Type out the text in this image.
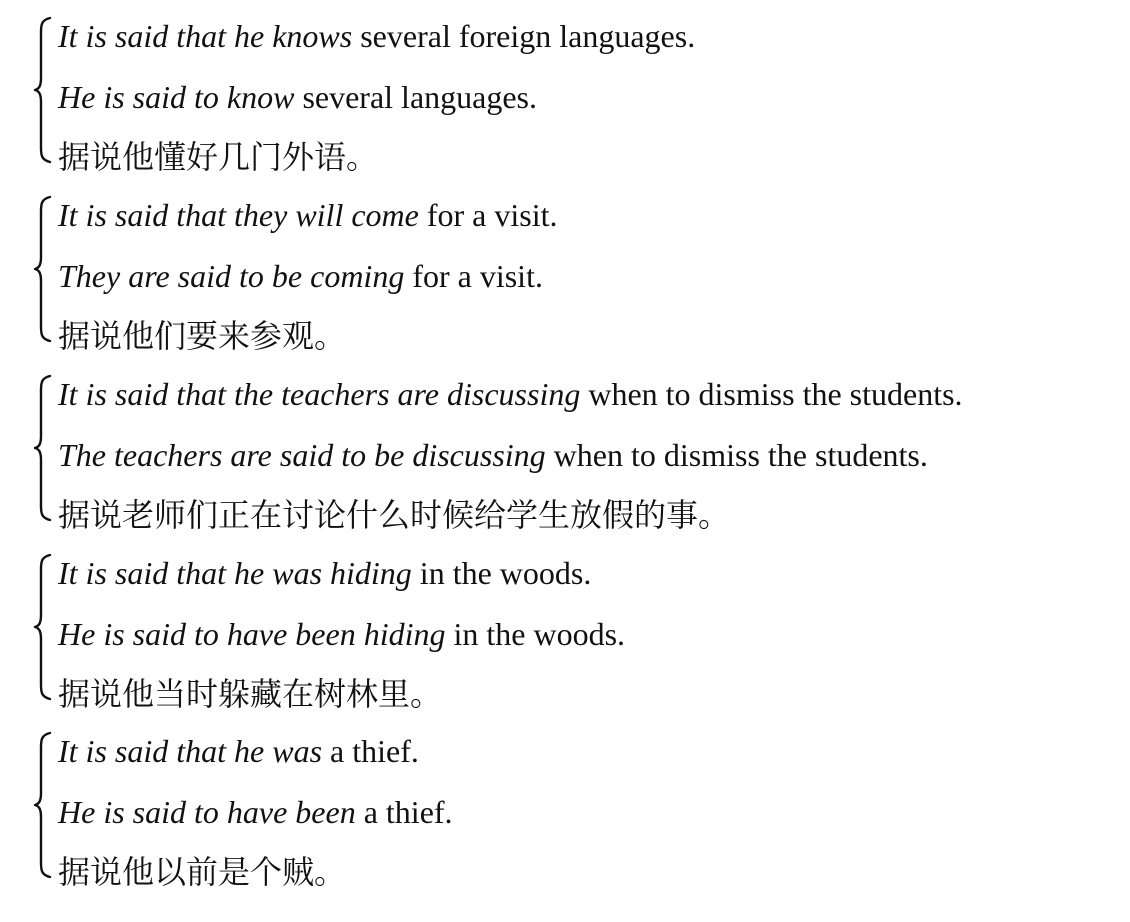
It is said that he knows several foreign languages.
He is said to know several languages.
据说他懂好几门外语。
It is said that they will come for a visit.
They are said to be coming for a visit.
据说他们要来参观。
It is said that the teachers are discussing when to dismiss the students.
The teachers are said to be discussing when to dismiss the students.
据说老师们正在讨论什么时候给学生放假的事。
It is said that he was hiding in the woods.
He is said to have been hiding in the woods.
据说他当时躲藏在树林里。
It is said that he was a thief.
He is said to have been a thief.
据说他以前是个贼。
